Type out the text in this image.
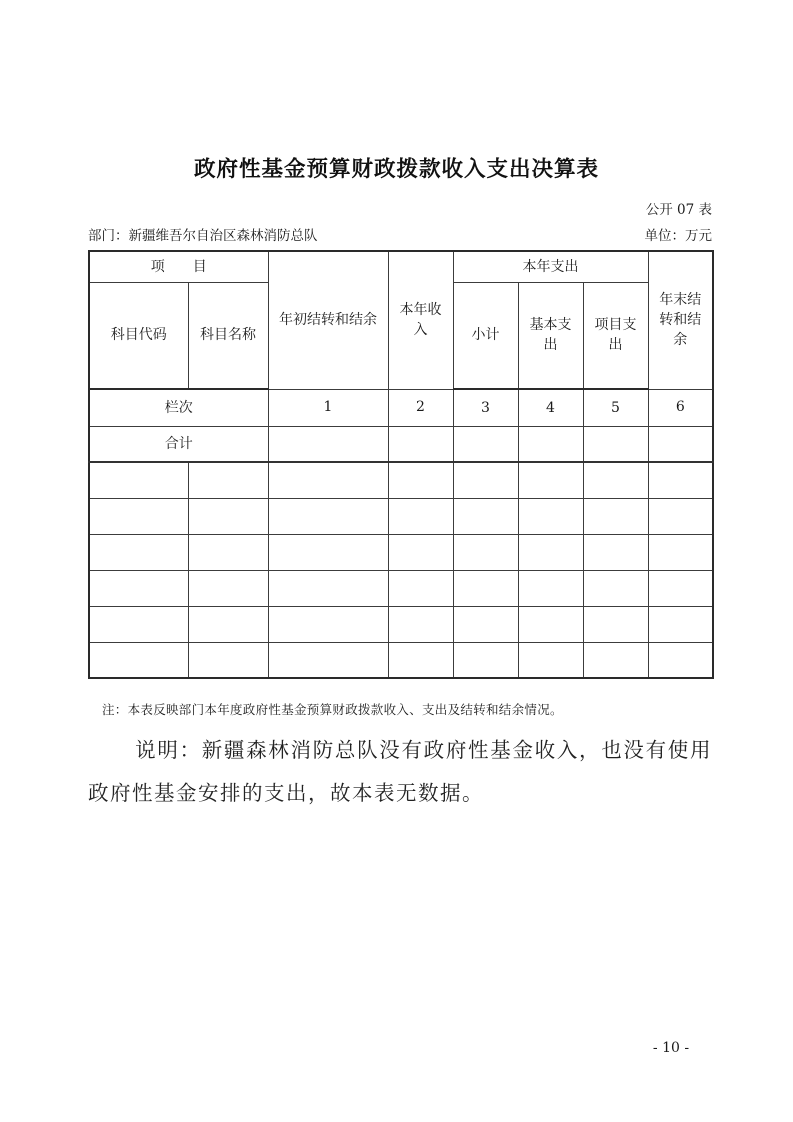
政府性基金预算财政拨款收入支出决算表
公开 07 表
部门：新疆维吾尔自治区森林消防总队	单位：万元
项　　目		年初结转和结余	本年收入	本年支出			年末结转和结余
科目代码	科目名称			小计	基本支出	项目支出	
栏次		1	2	3	4	5	6
合计							

注：本表反映部门本年度政府性基金预算财政拨款收入、支出及结转和结余情况。

说明：新疆森林消防总队没有政府性基金收入，也没有使用政府性基金安排的支出，故本表无数据。

- 10 -
